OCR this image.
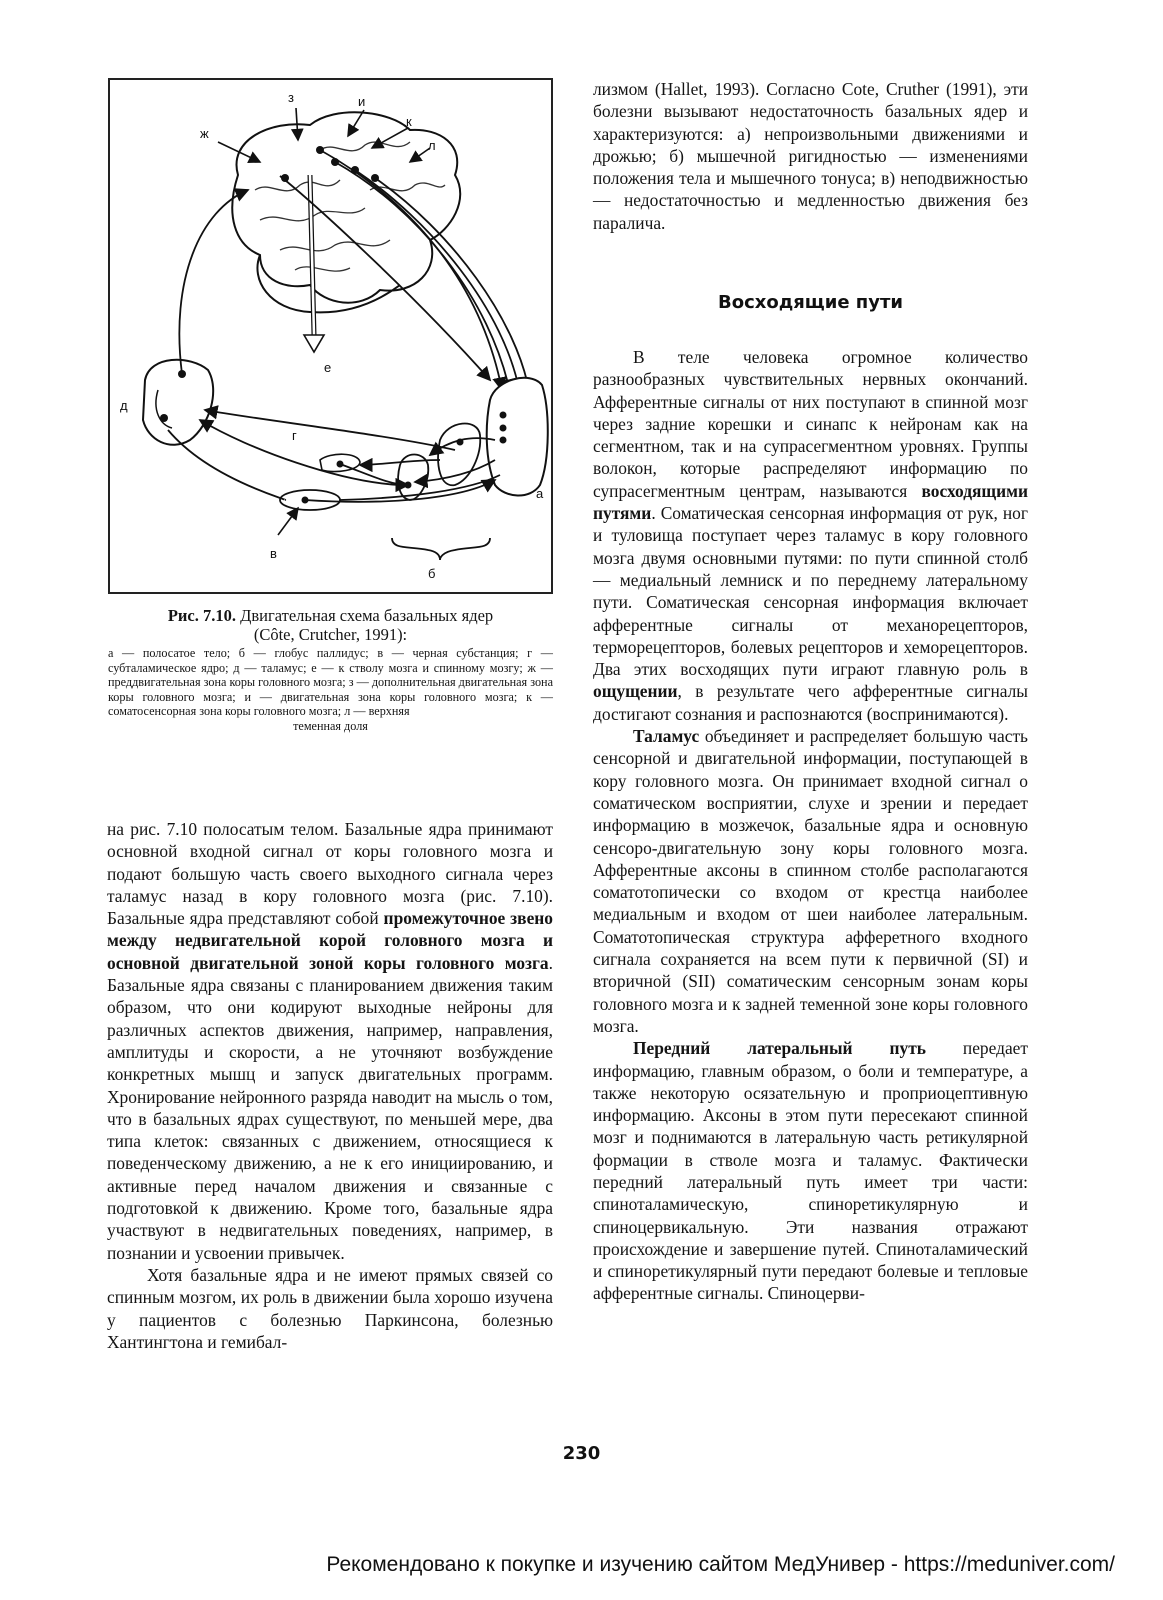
з	и
к
л
ж
е
д
г
а
в
б
Рис. 7.10. Двигательная схема базальных ядер
(Côte, Crutcher, 1991):
а — полосатое тело; б — глобус паллидус; в — черная субстанция; г — субталамическое ядро; д — таламус; е — к стволу мозга и спинному мозгу; ж — преддвигательная зона коры головного мозга; з — дополнительная двигательная зона коры головного мозга; и — двигательная зона коры головного мозга; к — соматосенсорная зона коры головного мозга; л — верхняя
теменная доля

на рис. 7.10 полосатым телом. Базальные ядра принимают основной входной сигнал от коры головного мозга и подают большую часть своего выходного сигнала через таламус назад в кору головного мозга (рис. 7.10). Базальные ядра представляют собой промежуточное звено между недвигательной корой головного мозга и основной двигательной зоной коры головного мозга. Базальные ядра связаны с планированием движения таким образом, что они кодируют выходные нейроны для различных аспектов движения, например, направления, амплитуды и скорости, а не уточняют возбуждение конкретных мышц и запуск двигательных программ. Хронирование нейронного разряда наводит на мысль о том, что в базальных ядрах существуют, по меньшей мере, два типа клеток: связанных с движением, относящиеся к поведенческому движению, а не к его инициированию, и активные перед началом движения и связанные с подготовкой к движению. Кроме того, базальные ядра участвуют в недвигательных поведениях, например, в познании и усвоении привычек.

Хотя базальные ядра и не имеют прямых связей со спинным мозгом, их роль в движении была хорошо изучена у пациентов с болезнью Паркинсона, болезнью Хантингтона и гемибал-

лизмом (Hallet, 1993). Согласно Cote, Cruther (1991), эти болезни вызывают недостаточность базальных ядер и характеризуются: а) непроизвольными движениями и дрожью; б) мышечной ригидностью — изменениями положения тела и мышечного тонуса; в) неподвижностью — недостаточностью и медленностью движения без паралича.

Восходящие пути

В теле человека огромное количество разнообразных чувствительных нервных окончаний. Афферентные сигналы от них поступают в спинной мозг через задние корешки и синапс к нейронам как на сегментном, так и на супрасегментном уровнях. Группы волокон, которые распределяют информацию по супрасегментным центрам, называются восходящими путями. Соматическая сенсорная информация от рук, ног и туловища поступает через таламус в кору головного мозга двумя основными путями: по пути спинной столб — медиальный лемниск и по переднему латеральному пути. Соматическая сенсорная информация включает афферентные сигналы от механорецепторов, терморецепторов, болевых рецепторов и хеморецепторов. Два этих восходящих пути играют главную роль в ощущении, в результате чего афферентные сигналы достигают сознания и распознаются (воспринимаются).

Таламус объединяет и распределяет большую часть сенсорной и двигательной информации, поступающей в кору головного мозга. Он принимает входной сигнал о соматическом восприятии, слухе и зрении и передает информацию в мозжечок, базальные ядра и основную сенсоро-двигательную зону коры головного мозга. Афферентные аксоны в спинном столбе располагаются соматотопически со входом от крестца наиболее медиальным и входом от шеи наиболее латеральным. Соматотопическая структура афферетного входного сигнала сохраняется на всем пути к первичной (SI) и вторичной (SII) соматическим сенсорным зонам коры головного мозга и к задней теменной зоне коры головного мозга.

Передний латеральный путь передает информацию, главным образом, о боли и температуре, а также некоторую осязательную и проприоцептивную информацию. Аксоны в этом пути пересекают спинной мозг и поднимаются в латеральную часть ретикулярной формации в стволе мозга и таламус. Фактически передний латеральный путь имеет три части: спиноталамическую, спиноретикулярную и спиноцервикальную. Эти названия отражают происхождение и завершение путей. Спиноталамический и спиноретикулярный пути передают болевые и тепловые афферентные сигналы. Спиноцерви-

230
Рекомендовано к покупке и изучению сайтом МедУнивер - https://meduniver.com/
